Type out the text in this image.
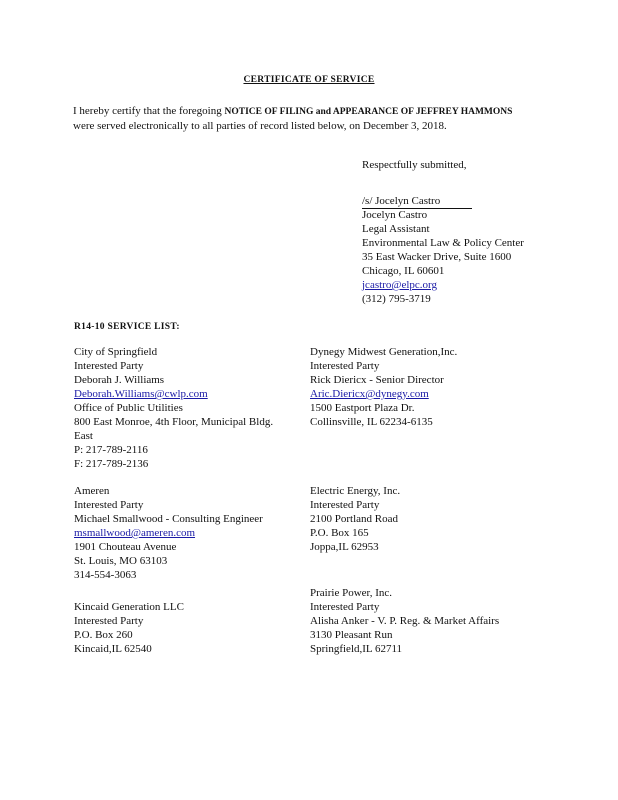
CERTIFICATE OF SERVICE
I hereby certify that the foregoing NOTICE OF FILING and APPEARANCE OF JEFFREY HAMMONS were served electronically to all parties of record listed below, on December 3, 2018.
Respectfully submitted,
/s/ Jocelyn Castro
Jocelyn Castro
Legal Assistant
Environmental Law & Policy Center
35 East Wacker Drive, Suite 1600
Chicago, IL 60601
jcastro@elpc.org
(312) 795-3719
R14-10 SERVICE LIST:
City of Springfield
Interested Party
Deborah J. Williams
Deborah.Williams@cwlp.com
Office of Public Utilities
800 East Monroe, 4th Floor, Municipal Bldg.
East
P: 217-789-2116
F: 217-789-2136
Dynegy Midwest Generation,Inc.
Interested Party
Rick Diericx - Senior Director
Aric.Diericx@dynegy.com
1500 Eastport Plaza Dr.
Collinsville, IL 62234-6135
Ameren
Interested Party
Michael Smallwood - Consulting Engineer
msmallwood@ameren.com
1901 Chouteau Avenue
St. Louis, MO 63103
314-554-3063
Electric Energy, Inc.
Interested Party
2100 Portland Road
P.O. Box 165
Joppa,IL 62953
Kincaid Generation LLC
Interested Party
P.O. Box 260
Kincaid,IL 62540
Prairie Power, Inc.
Interested Party
Alisha Anker - V. P. Reg. & Market Affairs
3130 Pleasant Run
Springfield,IL 62711
